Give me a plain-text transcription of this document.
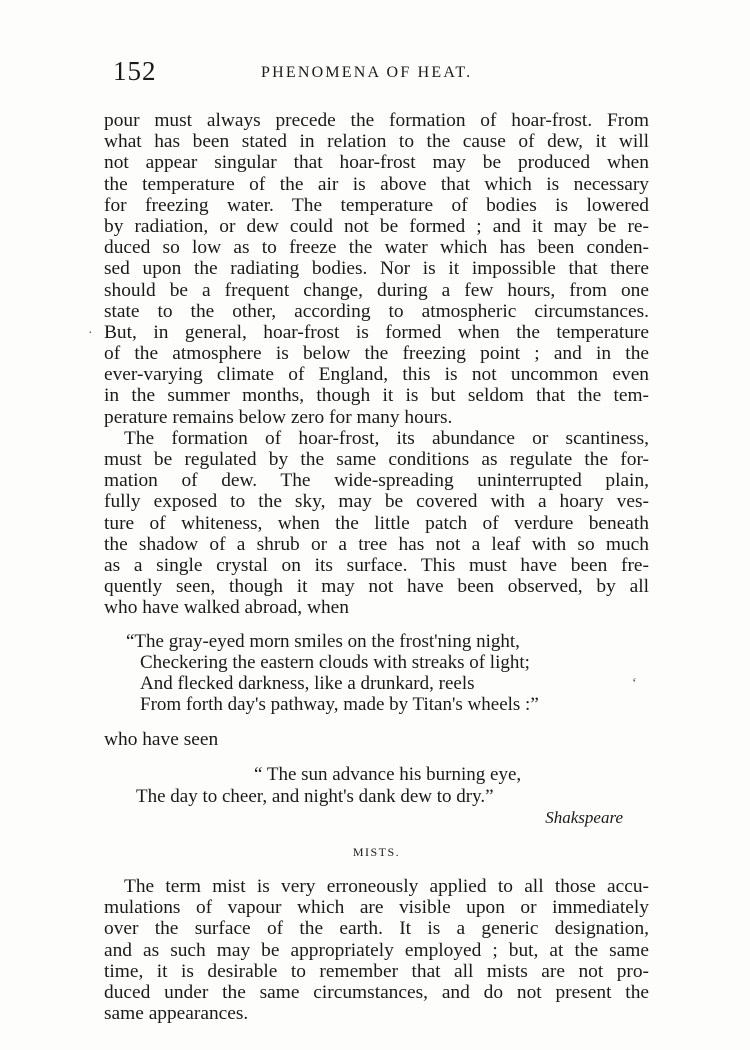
152	PHENOMENA OF HEAT.
pour must always precede the formation of hoar-frost. From
what has been stated in relation to the cause of dew, it will
not appear singular that hoar-frost may be produced when
the temperature of the air is above that which is necessary
for freezing water. The temperature of bodies is lowered
by radiation, or dew could not be formed ; and it may be re-
duced so low as to freeze the water which has been conden-
sed upon the radiating bodies. Nor is it impossible that there
should be a frequent change, during a few hours, from one
state to the other, according to atmospheric circumstances.
But, in general, hoar-frost is formed when the temperature
of the atmosphere is below the freezing point ; and in the
ever-varying climate of England, this is not uncommon even
in the summer months, though it is but seldom that the tem-
perature remains below zero for many hours.
The formation of hoar-frost, its abundance or scantiness,
must be regulated by the same conditions as regulate the for-
mation of dew. The wide-spreading uninterrupted plain,
fully exposed to the sky, may be covered with a hoary ves-
ture of whiteness, when the little patch of verdure beneath
the shadow of a shrub or a tree has not a leaf with so much
as a single crystal on its surface. This must have been fre-
quently seen, though it may not have been observed, by all
who have walked abroad, when
“The gray-eyed morn smiles on the frost'ning night,
Checkering the eastern clouds with streaks of light;
And flecked darkness, like a drunkard, reels
From forth day's pathway, made by Titan's wheels :”
who have seen
“ The sun advance his burning eye,
The day to cheer, and night's dank dew to dry.”
Shakspeare
MISTS.
The term mist is very erroneously applied to all those accu-
mulations of vapour which are visible upon or immediately
over the surface of the earth. It is a generic designation,
and as such may be appropriately employed ; but, at the same
time, it is desirable to remember that all mists are not pro-
duced under the same circumstances, and do not present the
same appearances.
·
‘
